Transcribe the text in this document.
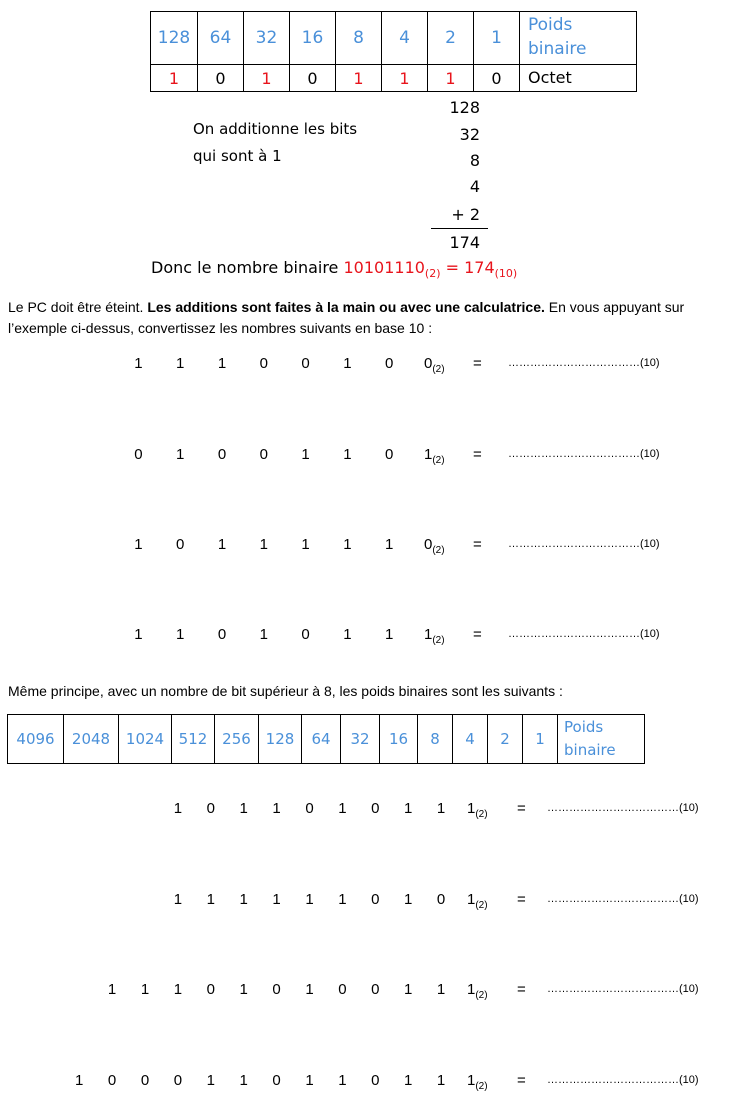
128	64	32	16	8	4	2	1	Poids binaire
1	0	1	0	1	1	1	0	Octet

On additionne les bits
qui sont à 1

128
32
8
4
+ 2
174
Donc le nombre binaire $10101110_{(2)} = 174_{(10)}$

Le PC doit être éteint. Les additions sont faites à la main ou avec une calculatrice. En vous appuyant sur
l’exemple ci-dessus, convertissez les nombres suivants en base 10 :

1 1 1 0 0 1 0 $0_{(2)}$ = ………………………………(10)
0 1 0 0 1 1 0 $1_{(2)}$ = ………………………………(10)
1 0 1 1 1 1 1 $0_{(2)}$ = ………………………………(10)
1 1 0 1 0 1 1 $1_{(2)}$ = ………………………………(10)

Même principe, avec un nombre de bit supérieur à 8, les poids binaires sont les suivants :

4096	2048	1024	512	256	128	64	32	16	8	4	2	1	Poids binaire
1 0 1 1 0 1 0 1 1 $1_{(2)}$ = ………………………………(10)
1 1 1 1 1 1 0 1 0 $1_{(2)}$ = ………………………………(10)
1 1 1 0 1 0 1 0 0 1 1 $1_{(2)}$ = ………………………………(10)
1 0 0 0 1 1 0 1 1 0 1 1 $1_{(2)}$ = ………………………………(10)
